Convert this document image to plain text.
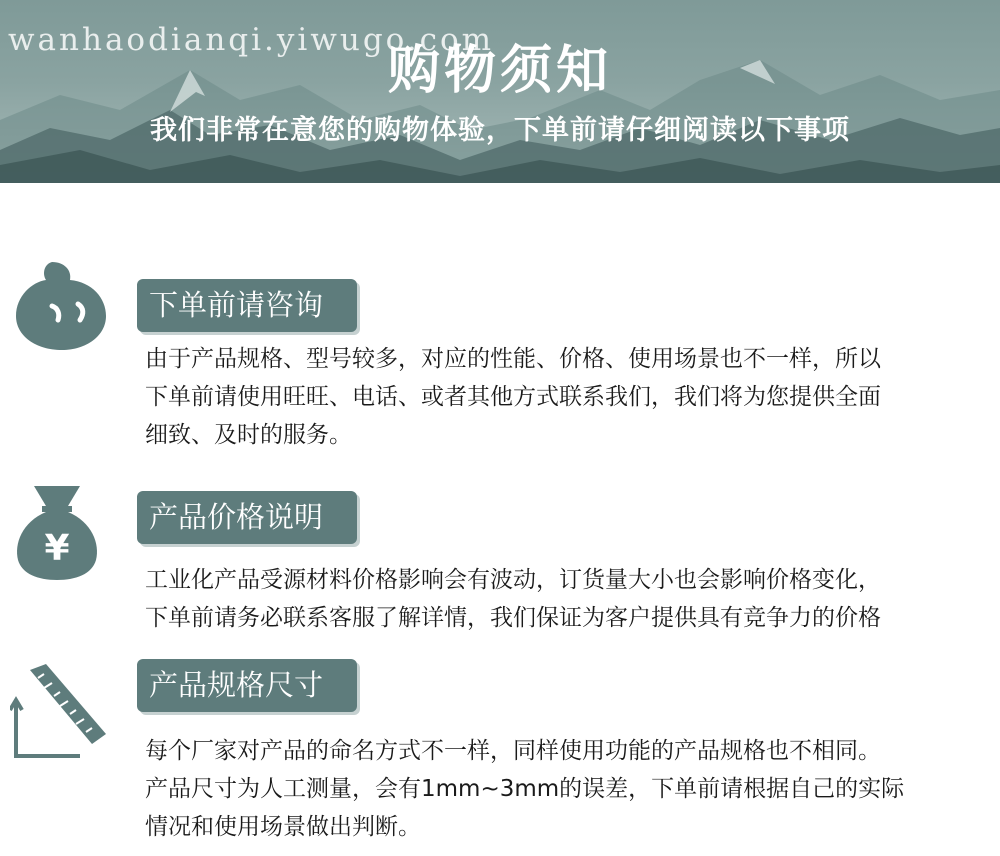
wanhaodianqi.yiwugo.com
购物须知
我们非常在意您的购物体验，下单前请仔细阅读以下事项
下单前请咨询
由于产品规格、型号较多，对应的性能、价格、使用场景也不一样，所以
下单前请使用旺旺、电话、或者其他方式联系我们，我们将为您提供全面
细致、及时的服务。
¥
产品价格说明
工业化产品受源材料价格影响会有波动，订货量大小也会影响价格变化，
下单前请务必联系客服了解详情，我们保证为客户提供具有竞争力的价格
产品规格尺寸
每个厂家对产品的命名方式不一样，同样使用功能的产品规格也不相同。
产品尺寸为人工测量，会有1mm~3mm的误差，下单前请根据自己的实际
情况和使用场景做出判断。
